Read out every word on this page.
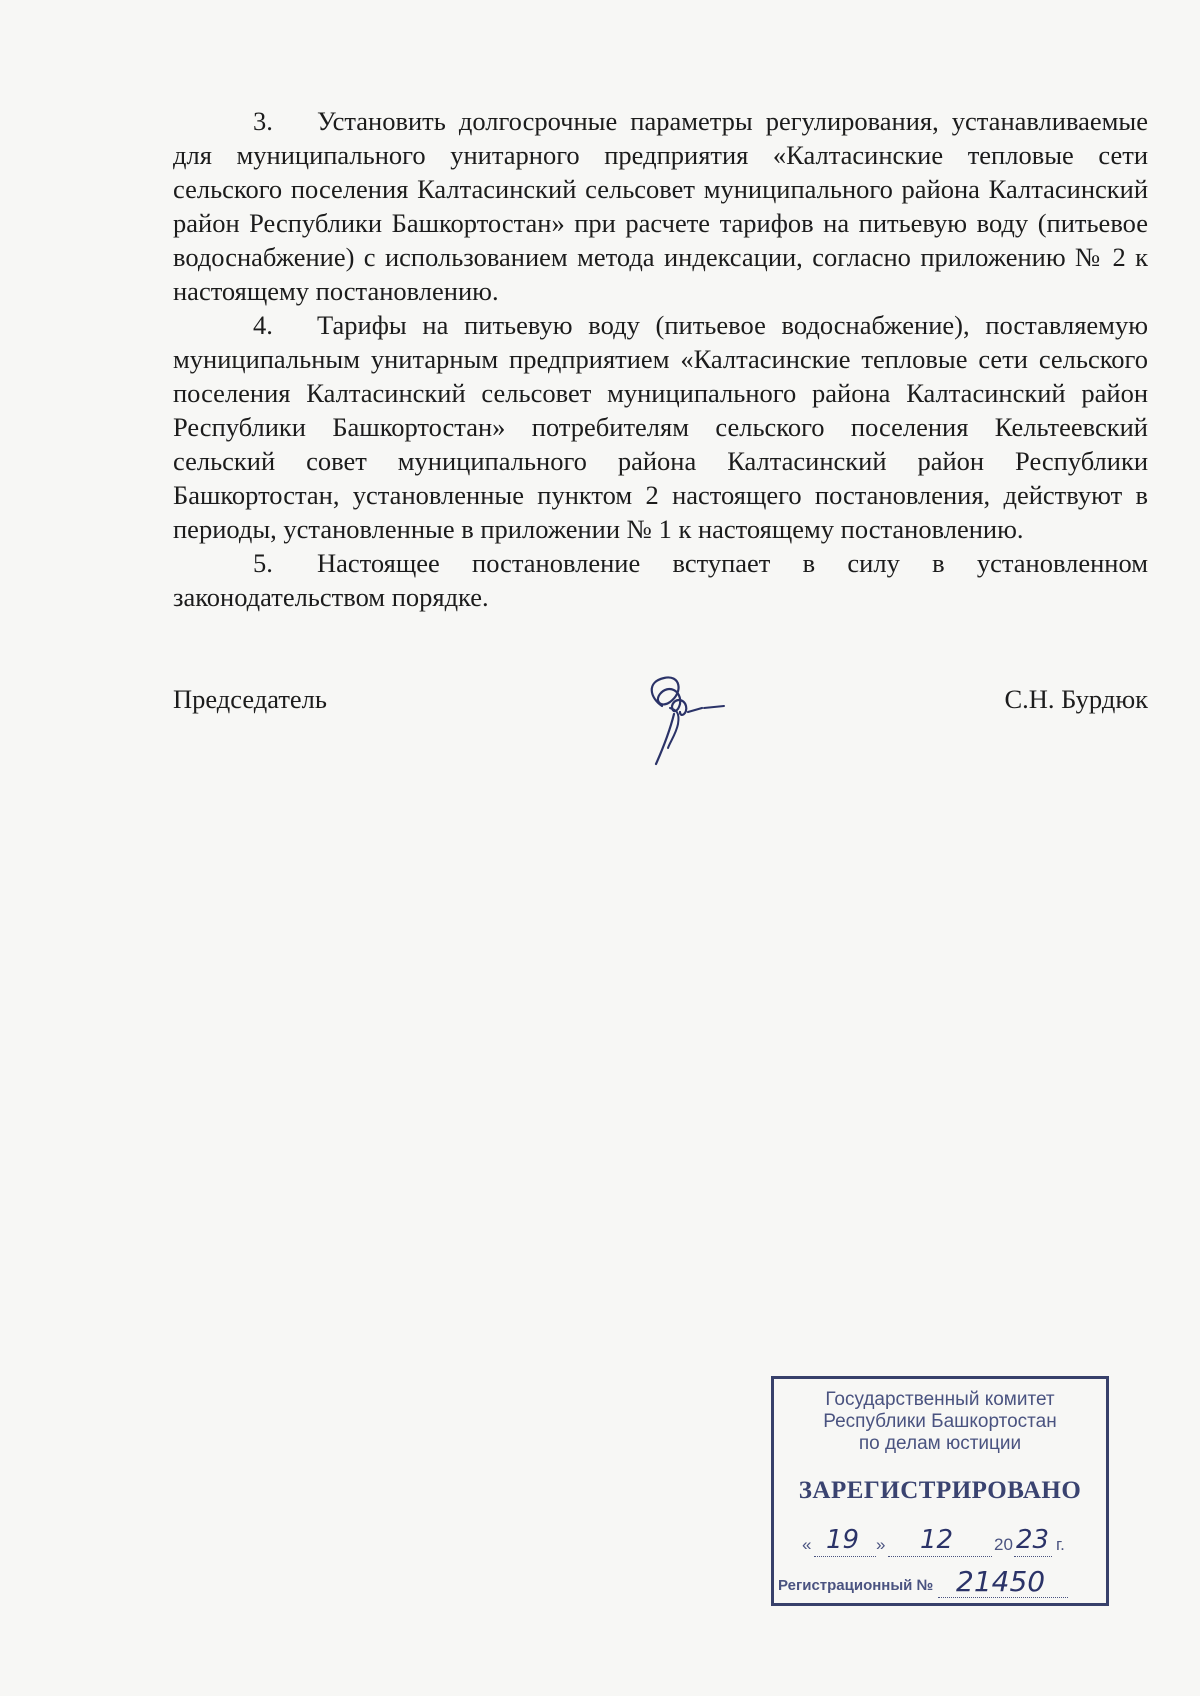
3. Установить долгосрочные параметры регулирования, устанавливаемые для муниципального унитарного предприятия «Калтасинские тепловые сети сельского поселения Калтасинский сельсовет муниципального района Калтасинский район Республики Башкортостан» при расчете тарифов на питьевую воду (питьевое водоснабжение) с использованием метода индексации, согласно приложению № 2 к настоящему постановлению.

4. Тарифы на питьевую воду (питьевое водоснабжение), поставляемую муниципальным унитарным предприятием «Калтасинские тепловые сети сельского поселения Калтасинский сельсовет муниципального района Калтасинский район Республики Башкортостан» потребителям сельского поселения Кельтеевский сельский совет муниципального района Калтасинский район Республики Башкортостан, установленные пунктом 2 настоящего постановления, действуют в периоды, установленные в приложении № 1 к настоящему постановлению.

5. Настоящее постановление вступает в силу в установленном законодательством порядке.

Председатель	С.Н. Бурдюк
Государственный комитет
Республики Башкортостан
по делам юстиции
ЗАРЕГИСТРИРОВАНО
« 19 » 12 20 23 г.
Регистрационный № 21450
